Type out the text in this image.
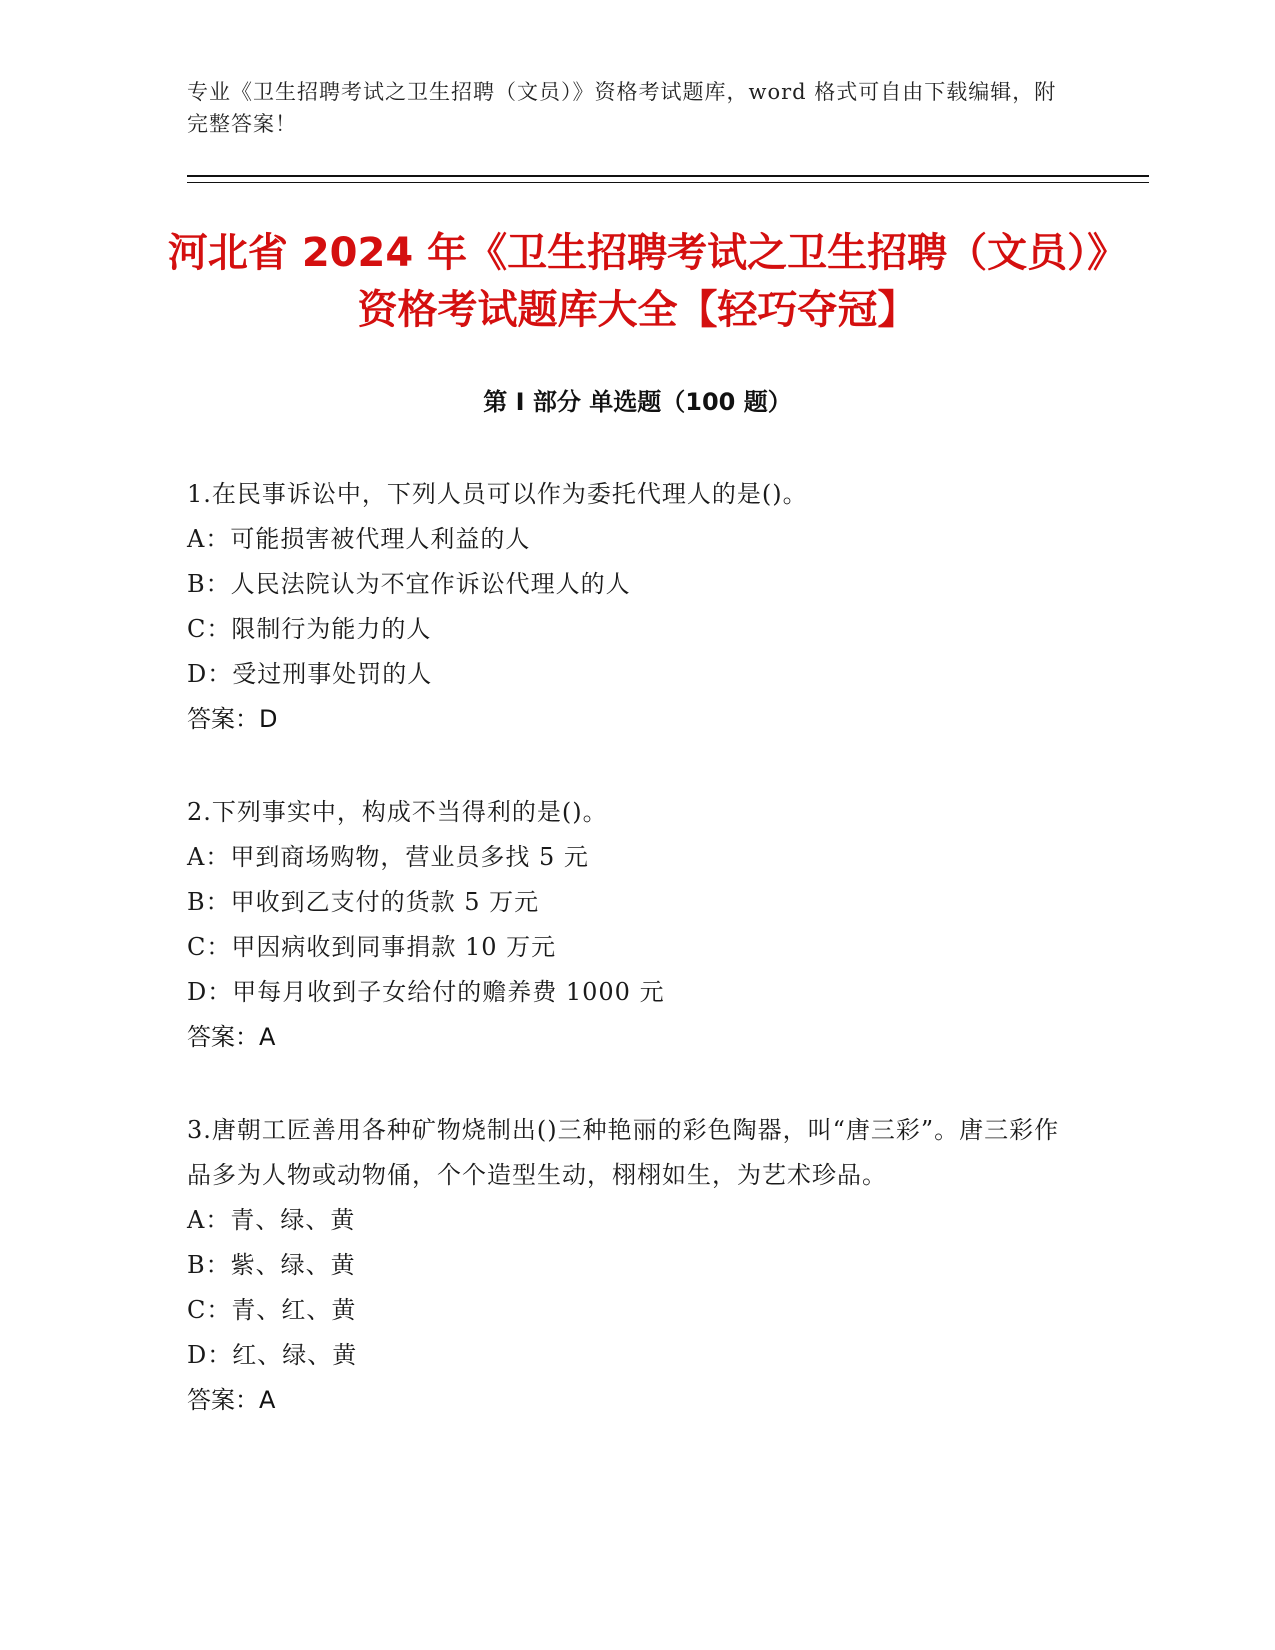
专业《卫生招聘考试之卫生招聘（文员）》资格考试题库，word 格式可自由下载编辑，附完整答案！
河北省 2024 年《卫生招聘考试之卫生招聘（文员）》资格考试题库大全【轻巧夺冠】
第 I 部分 单选题（100 题）
1.在民事诉讼中，下列人员可以作为委托代理人的是()。
A：可能损害被代理人利益的人
B：人民法院认为不宜作诉讼代理人的人
C：限制行为能力的人
D：受过刑事处罚的人
答案：D
2.下列事实中，构成不当得利的是()。
A：甲到商场购物，营业员多找 5 元
B：甲收到乙支付的货款 5 万元
C：甲因病收到同事捐款 10 万元
D：甲每月收到子女给付的赡养费 1000 元
答案：A
3.唐朝工匠善用各种矿物烧制出()三种艳丽的彩色陶器，叫“唐三彩”。唐三彩作品多为人物或动物俑，个个造型生动，栩栩如生，为艺术珍品。
A：青、绿、黄
B：紫、绿、黄
C：青、红、黄
D：红、绿、黄
答案：A
